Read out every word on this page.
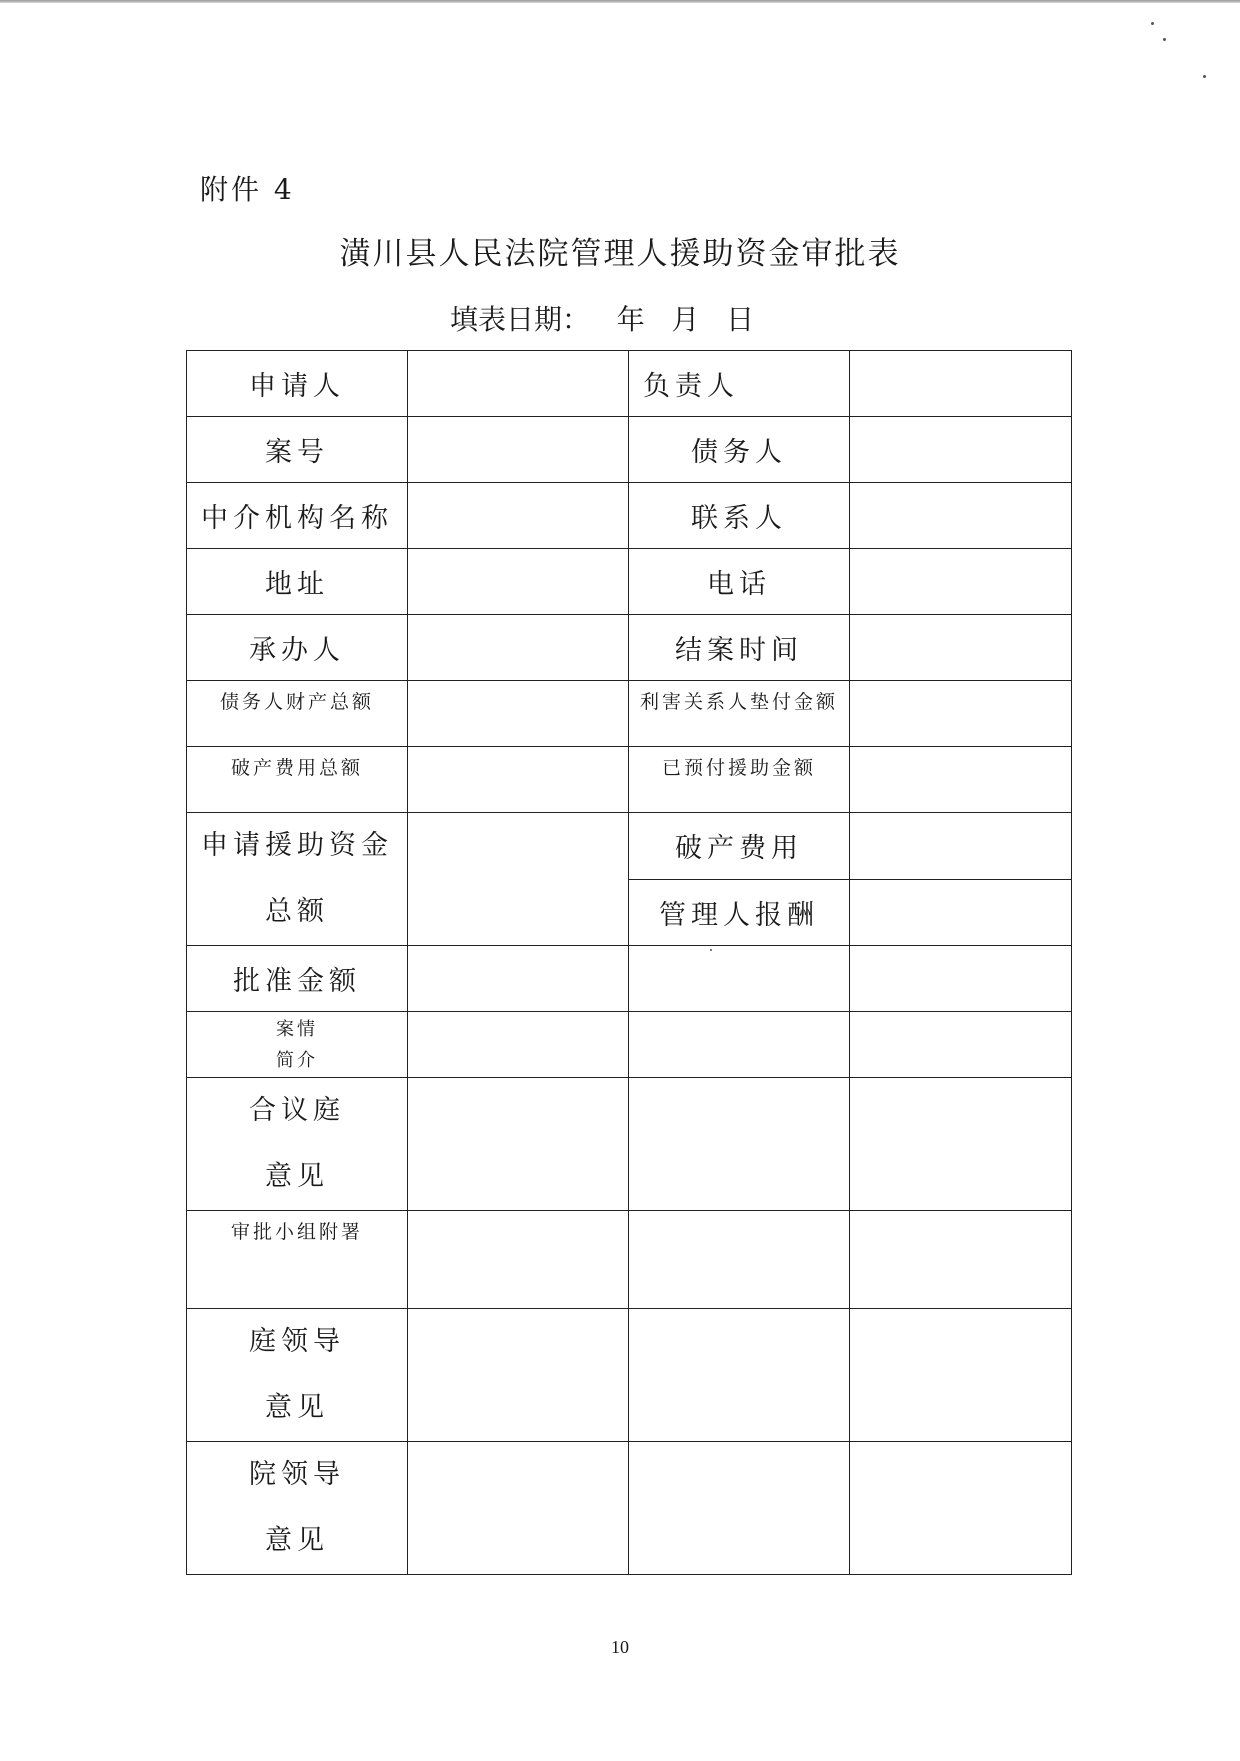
附件 4
潢川县人民法院管理人援助资金审批表
填表日期：   年   月   日
申请人		负责人	
案号		债务人	
中介机构名称		联系人	
地址		电话	
承办人		结案时间	
债务人财产总额		利害关系人垫付金额	
破产费用总额		已预付援助金额	

申请援助资金
总额		破产费用	
		管理人报酬	
批准金额			

案情
简介			

合议庭
意见			

审批小组附署			

庭领导
意见			

院领导
意见			

10
